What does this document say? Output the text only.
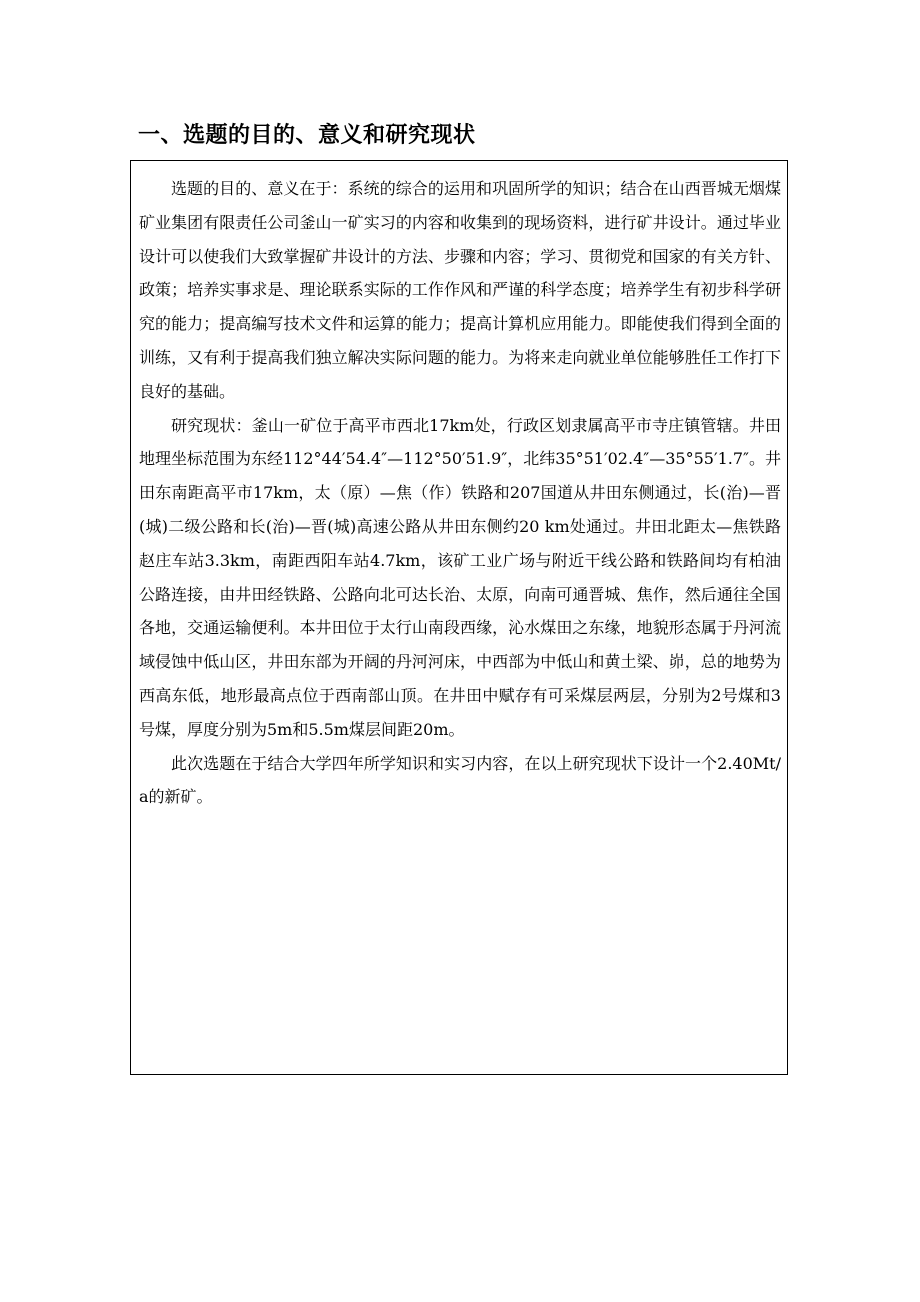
一、选题的目的、意义和研究现状

选题的目的、意义在于：系统的综合的运用和巩固所学的知识；结合在山西晋城无烟煤矿业集团有限责任公司釜山一矿实习的内容和收集到的现场资料，进行矿井设计。通过毕业设计可以使我们大致掌握矿井设计的方法、步骤和内容；学习、贯彻党和国家的有关方针、政策；培养实事求是、理论联系实际的工作作风和严谨的科学态度；培养学生有初步科学研究的能力；提高编写技术文件和运算的能力；提高计算机应用能力。即能使我们得到全面的训练，又有利于提高我们独立解决实际问题的能力。为将来走向就业单位能够胜任工作打下良好的基础。

研究现状：釜山一矿位于高平市西北17km处，行政区划隶属高平市寺庄镇管辖。井田地理坐标范围为东经112°44′54.4″—112°50′51.9″，北纬35°51′02.4″—35°55′1.7″。井田东南距高平市17km，太（原）—焦（作）铁路和207国道从井田东侧通过，长(治)—晋(城)二级公路和长(治)—晋(城)高速公路从井田东侧约20 km处通过。井田北距太—焦铁路赵庄车站3.3km，南距西阳车站4.7km，该矿工业广场与附近干线公路和铁路间均有柏油公路连接，由井田经铁路、公路向北可达长治、太原，向南可通晋城、焦作，然后通往全国各地，交通运输便利。本井田位于太行山南段西缘，沁水煤田之东缘，地貌形态属于丹河流域侵蚀中低山区，井田东部为开阔的丹河河床，中西部为中低山和黄土梁、峁，总的地势为西高东低，地形最高点位于西南部山顶。在井田中赋存有可采煤层两层，分别为2号煤和3号煤，厚度分别为5m和5.5m煤层间距20m。

此次选题在于结合大学四年所学知识和实习内容，在以上研究现状下设计一个2.40Mt/a的新矿。
